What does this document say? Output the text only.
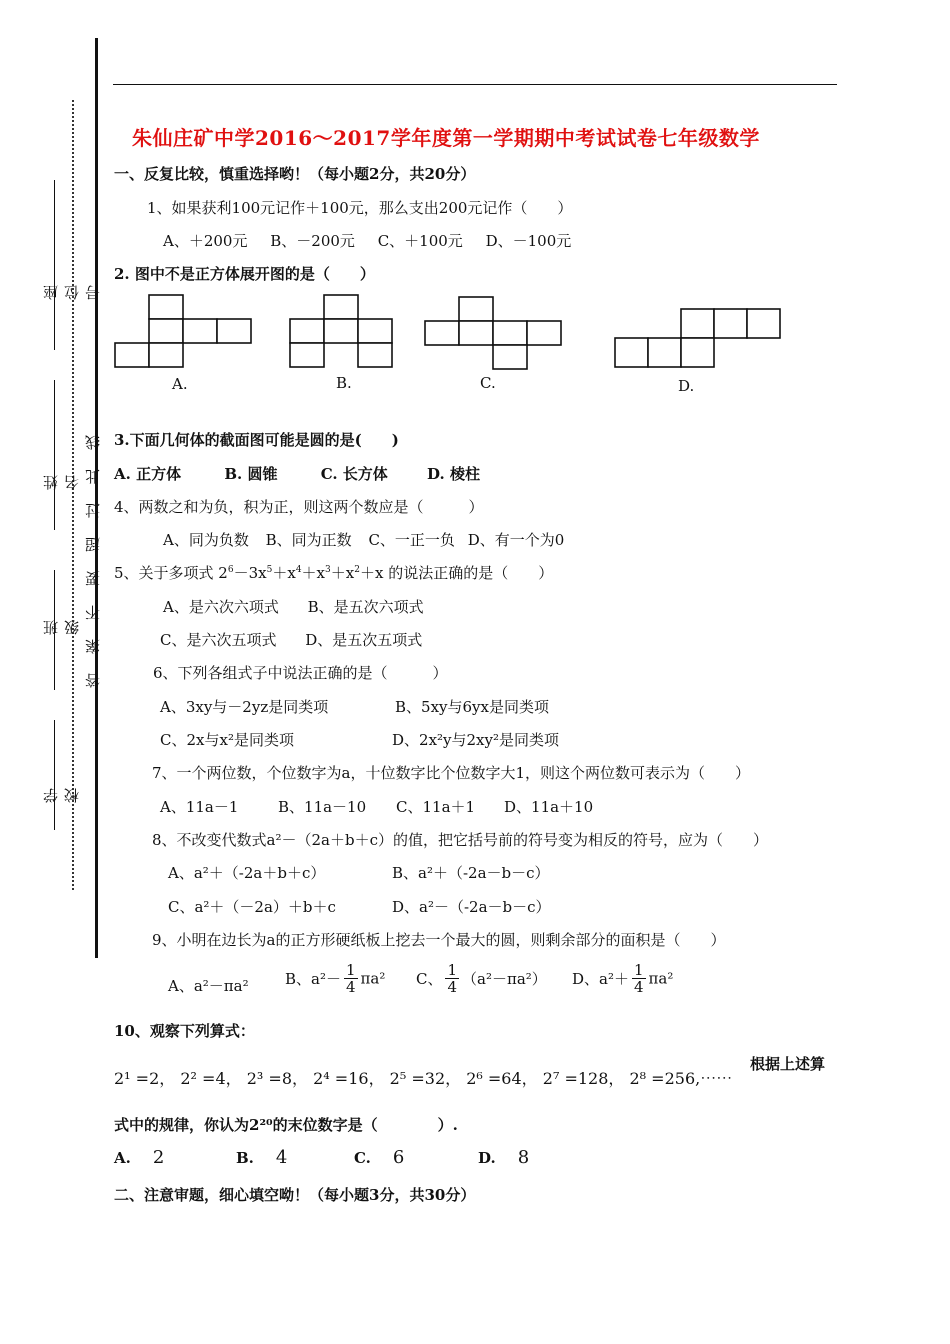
座位号
姓名
班级
学校
线
此
过
超
要
不
案
答
朱仙庄矿中学2016～2017学年度第一学期期中考试试卷七年级数学
一、反复比较，慎重选择哟！（每小题2分，共20分）
1、如果获利100元记作＋100元，那么支出200元记作（　　）
A、＋200元 B、－200元 C、＋100元 D、－100元
2. 图中不是正方体展开图的是（　　）
A.	B.	C.	D.
3.下面几何体的截面图可能是圆的是(　　)
A. 正方体	B. 圆锥	C. 长方体	D. 棱柱
4、两数之和为负，积为正，则这两个数应是（　　　）
A、同为负数 B、同为正数 C、一正一负 D、有一个为0
5、关于多项式 $2^6-3x^5+x^4+x^3+x^2+x$ 的说法正确的是（　　）
A、是六次六项式 B、是五次六项式
C、是六次五项式 D、是五次五项式
6、下列各组式子中说法正确的是（　　　）
A、3xy与－2yz是同类项	B、5xy与6yx是同类项
C、2x与x²是同类项	D、2x²y与2xy²是同类项
7、一个两位数，个位数字为a，十位数字比个位数字大1，则这个两位数可表示为（　　）
A、11a－1	B、11a－10 C、11a＋1 D、11a＋10
8、不改变代数式a²－（2a＋b＋c）的值，把它括号前的符号变为相反的符号，应为（　　）
A、a²＋（-2a＋b＋c）	B、a²＋（-2a－b－c）
C、a²＋（－2a）＋b＋c	D、a²－（-2a－b－c）
9、小明在边长为a的正方形硬纸板上挖去一个最大的圆，则剩余部分的面积是（　　）
A、a²－πa² B、$a^2- \frac{1}{4} \pi a^2$ C、 $\frac{1}{4} (a^2-\pi a^2)$ D、$a^2+ \frac{1}{4} \pi a^2$
10、观察下列算式：
2¹ =2， 2² =4， 2³ =8， 2⁴ =16， 2⁵ =32， 2⁶ =64， 2⁷ =128， 2⁸ =256,⋯⋯
根据上述算
式中的规律，你认为2²⁰的末位数字是（　　　　）.
A. 2	B. 4	C. 6	D. 8
二、注意审题，细心填空呦！（每小题3分，共30分）
